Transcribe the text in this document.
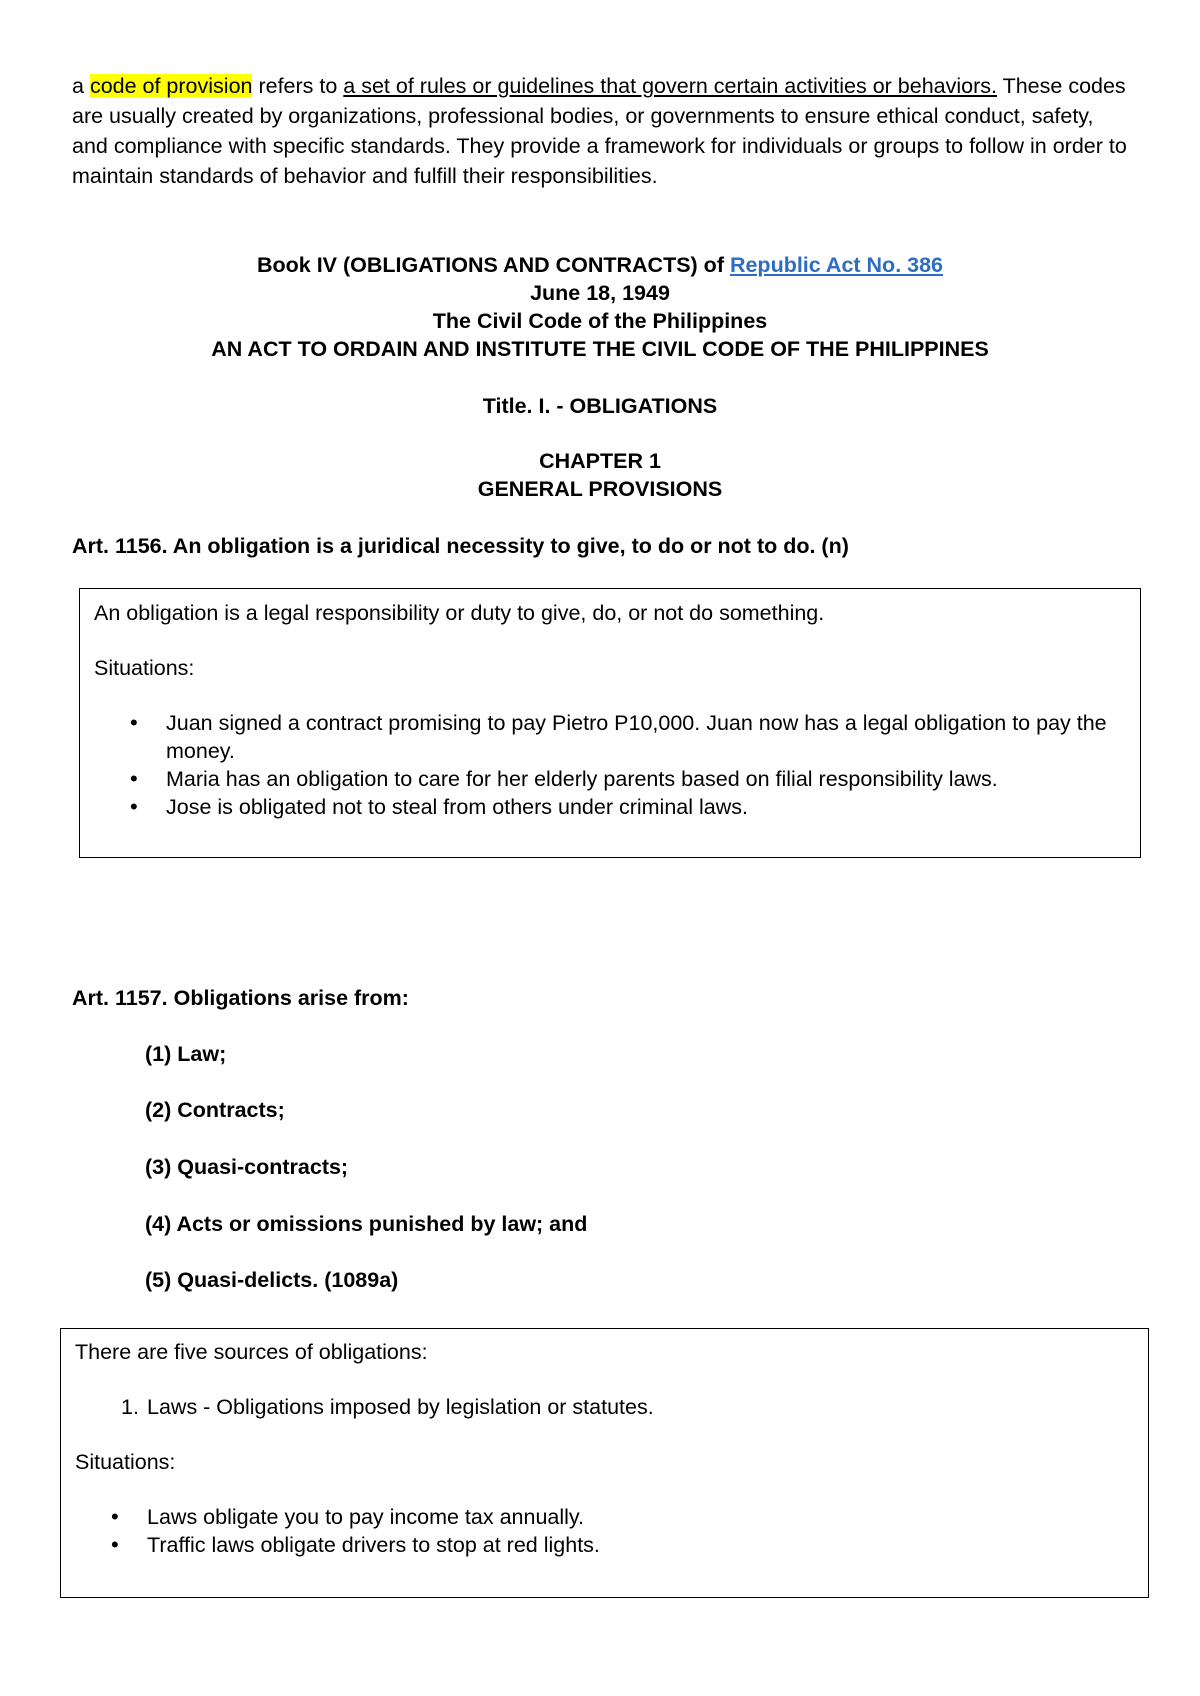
a code of provision refers to a set of rules or guidelines that govern certain activities or behaviors. These codes are usually created by organizations, professional bodies, or governments to ensure ethical conduct, safety, and compliance with specific standards. They provide a framework for individuals or groups to follow in order to maintain standards of behavior and fulfill their responsibilities.

Book IV (OBLIGATIONS AND CONTRACTS) of Republic Act No. 386
June 18, 1949
The Civil Code of the Philippines
AN ACT TO ORDAIN AND INSTITUTE THE CIVIL CODE OF THE PHILIPPINES
Title. I. - OBLIGATIONS
CHAPTER 1
GENERAL PROVISIONS

Art. 1156. An obligation is a juridical necessity to give, to do or not to do. (n)

An obligation is a legal responsibility or duty to give, do, or not do something.

Situations:

• Juan signed a contract promising to pay Pietro P10,000. Juan now has a legal obligation to pay the money.
• Maria has an obligation to care for her elderly parents based on filial responsibility laws.
• Jose is obligated not to steal from others under criminal laws.

Art. 1157. Obligations arise from:

(1) Law;

(2) Contracts;

(3) Quasi-contracts;

(4) Acts or omissions punished by law; and

(5) Quasi-delicts. (1089a)

There are five sources of obligations:

1. Laws - Obligations imposed by legislation or statutes.

Situations:

• Laws obligate you to pay income tax annually.
• Traffic laws obligate drivers to stop at red lights.
